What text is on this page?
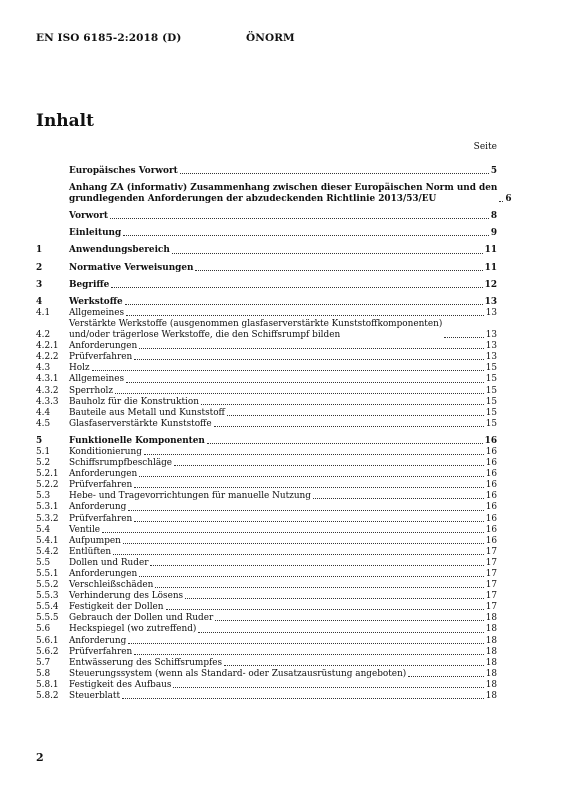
EN ISO 6185-2:2018 (D)	ÖNORM
Inhalt
Seite
Europäisches Vorwort	5
Anhang ZA (informativ) Zusammenhang zwischen dieser Europäischen Norm und den
grundlegenden Anforderungen der abzudeckenden Richtlinie 2013/53/EU	6
Vorwort	8
Einleitung	9
1	Anwendungsbereich	11
2	Normative Verweisungen	11
3	Begriffe	12
4	Werkstoffe	13
4.1	Allgemeines	13
4.2
Verstärkte Werkstoffe (ausgenommen glasfaserverstärkte Kunststoffkomponenten)
und/oder trägerlose Werkstoffe, die den Schiffsrumpf bilden	13
4.2.1	Anforderungen	13
4.2.2	Prüfverfahren	13
4.3	Holz	15
4.3.1	Allgemeines	15
4.3.2	Sperrholz	15
4.3.3	Bauholz für die Konstruktion	15
4.4	Bauteile aus Metall und Kunststoff	15
4.5	Glasfaserverstärkte Kunststoffe	15
5	Funktionelle Komponenten	16
5.1	Konditionierung	16
5.2	Schiffsrumpfbeschläge	16
5.2.1	Anforderungen	16
5.2.2	Prüfverfahren	16
5.3	Hebe- und Tragevorrichtungen für manuelle Nutzung	16
5.3.1	Anforderung	16
5.3.2	Prüfverfahren	16
5.4	Ventile	16
5.4.1	Aufpumpen	16
5.4.2	Entlüften	17
5.5	Dollen und Ruder	17
5.5.1	Anforderungen	17
5.5.2	Verschleißschäden	17
5.5.3	Verhinderung des Lösens	17
5.5.4	Festigkeit der Dollen	17
5.5.5	Gebrauch der Dollen und Ruder	18
5.6	Heckspiegel (wo zutreffend)	18
5.6.1	Anforderung	18
5.6.2	Prüfverfahren	18
5.7	Entwässerung des Schiffsrumpfes	18
5.8	Steuerungssystem (wenn als Standard- oder Zusatzausrüstung angeboten)	18
5.8.1	Festigkeit des Aufbaus	18
5.8.2	Steuerblatt	18
2
